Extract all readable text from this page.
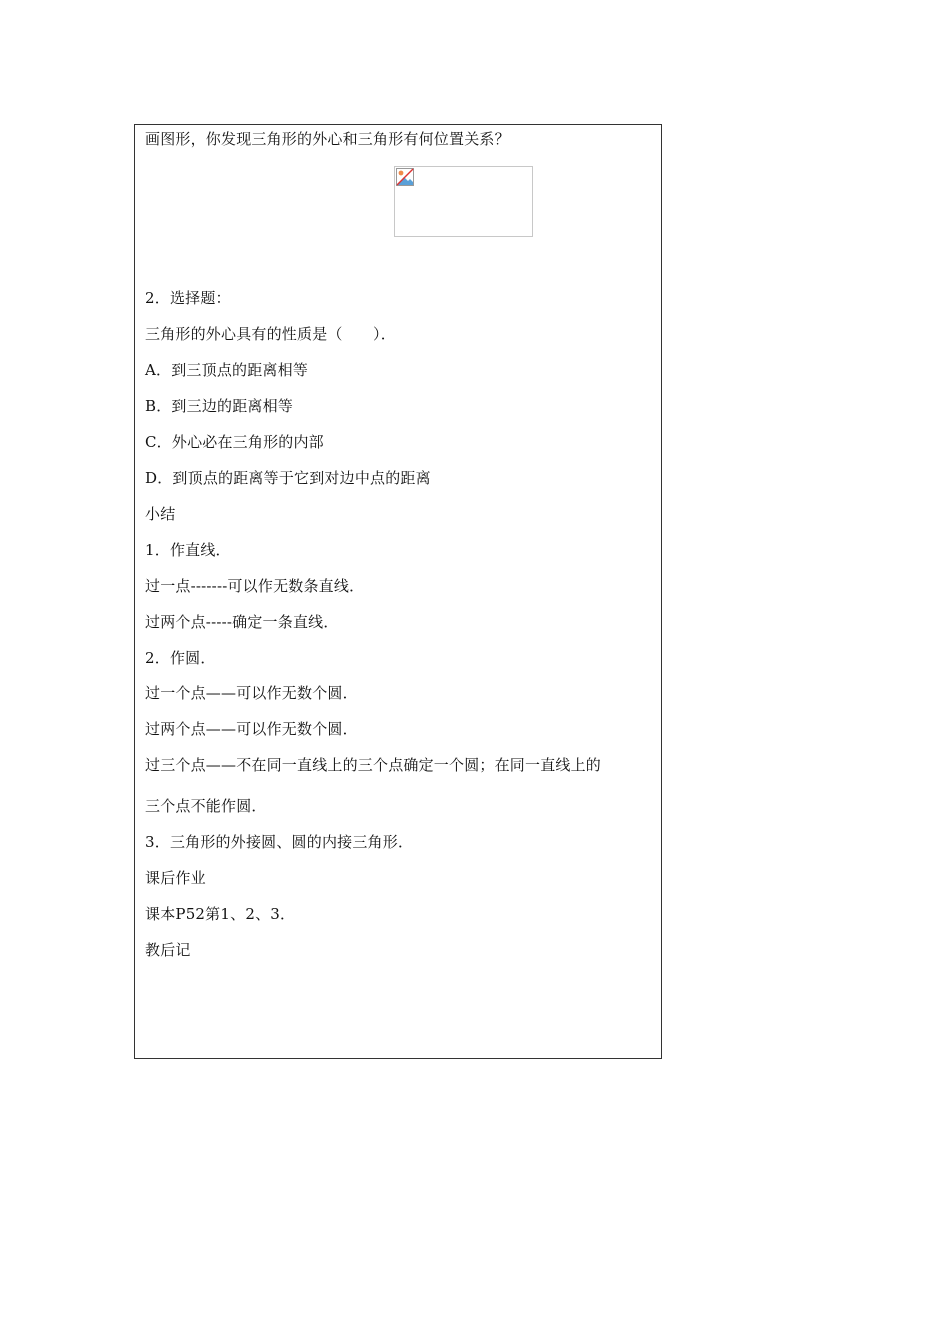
画图形，你发现三角形的外心和三角形有何位置关系？
2．选择题：
三角形的外心具有的性质是（　　）．
A．到三顶点的距离相等
B．到三边的距离相等
C．外心必在三角形的内部
D．到顶点的距离等于它到对边中点的距离
小结
1．作直线．
过一点-------可以作无数条直线．
过两个点-----确定一条直线．
2．作圆．
过一个点——可以作无数个圆．
过两个点——可以作无数个圆．
过三个点——不在同一直线上的三个点确定一个圆；在同一直线上的
三个点不能作圆．
3．三角形的外接圆、圆的内接三角形．
课后作业
课本P52第1、2、3．
教后记
